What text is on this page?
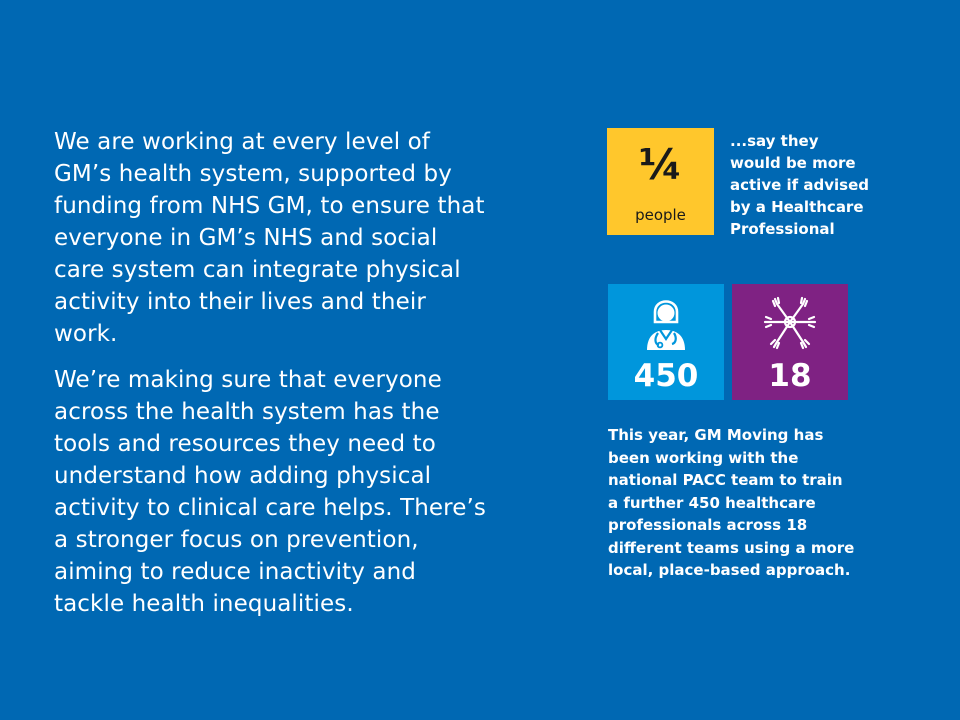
We are working at every level of
GM’s health system, supported by
funding from NHS GM, to ensure that
everyone in GM’s NHS and social
care system can integrate physical
activity into their lives and their
work.

We’re making sure that everyone
across the health system has the
tools and resources they need to
understand how adding physical
activity to clinical care helps. There’s
a stronger focus on prevention,
aiming to reduce inactivity and
tackle health inequalities.

¼
people

...say they
would be more
active if advised
by a Healthcare
Professional

450	18

This year, GM Moving has
been working with the
national PACC team to train
a further 450 healthcare
professionals across 18
different teams using a more
local, place-based approach.
